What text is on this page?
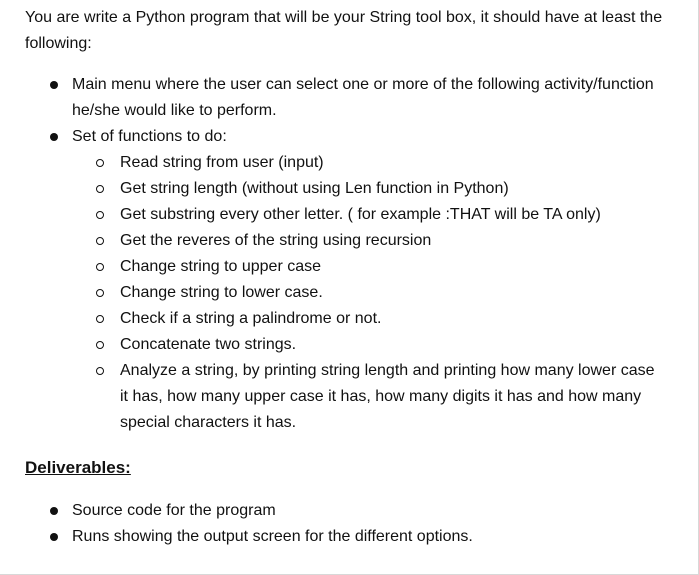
You are write a Python program that will be your String tool box, it should have at least the following:
Main menu where the user can select one or more of the following activity/function he/she would like to perform.
Set of functions to do:
Read string from user (input)
Get string length (without using Len function in Python)
Get substring every other letter. ( for example :THAT will be TA only)
Get the reveres of the string using recursion
Change string to upper case
Change string to lower case.
Check if a string a palindrome or not.
Concatenate two strings.
Analyze a string, by printing string length and printing how many lower case it has, how many upper case it has, how many digits it has and how many special characters it has.
Deliverables:
Source code for the program
Runs showing the output screen for the different options.
